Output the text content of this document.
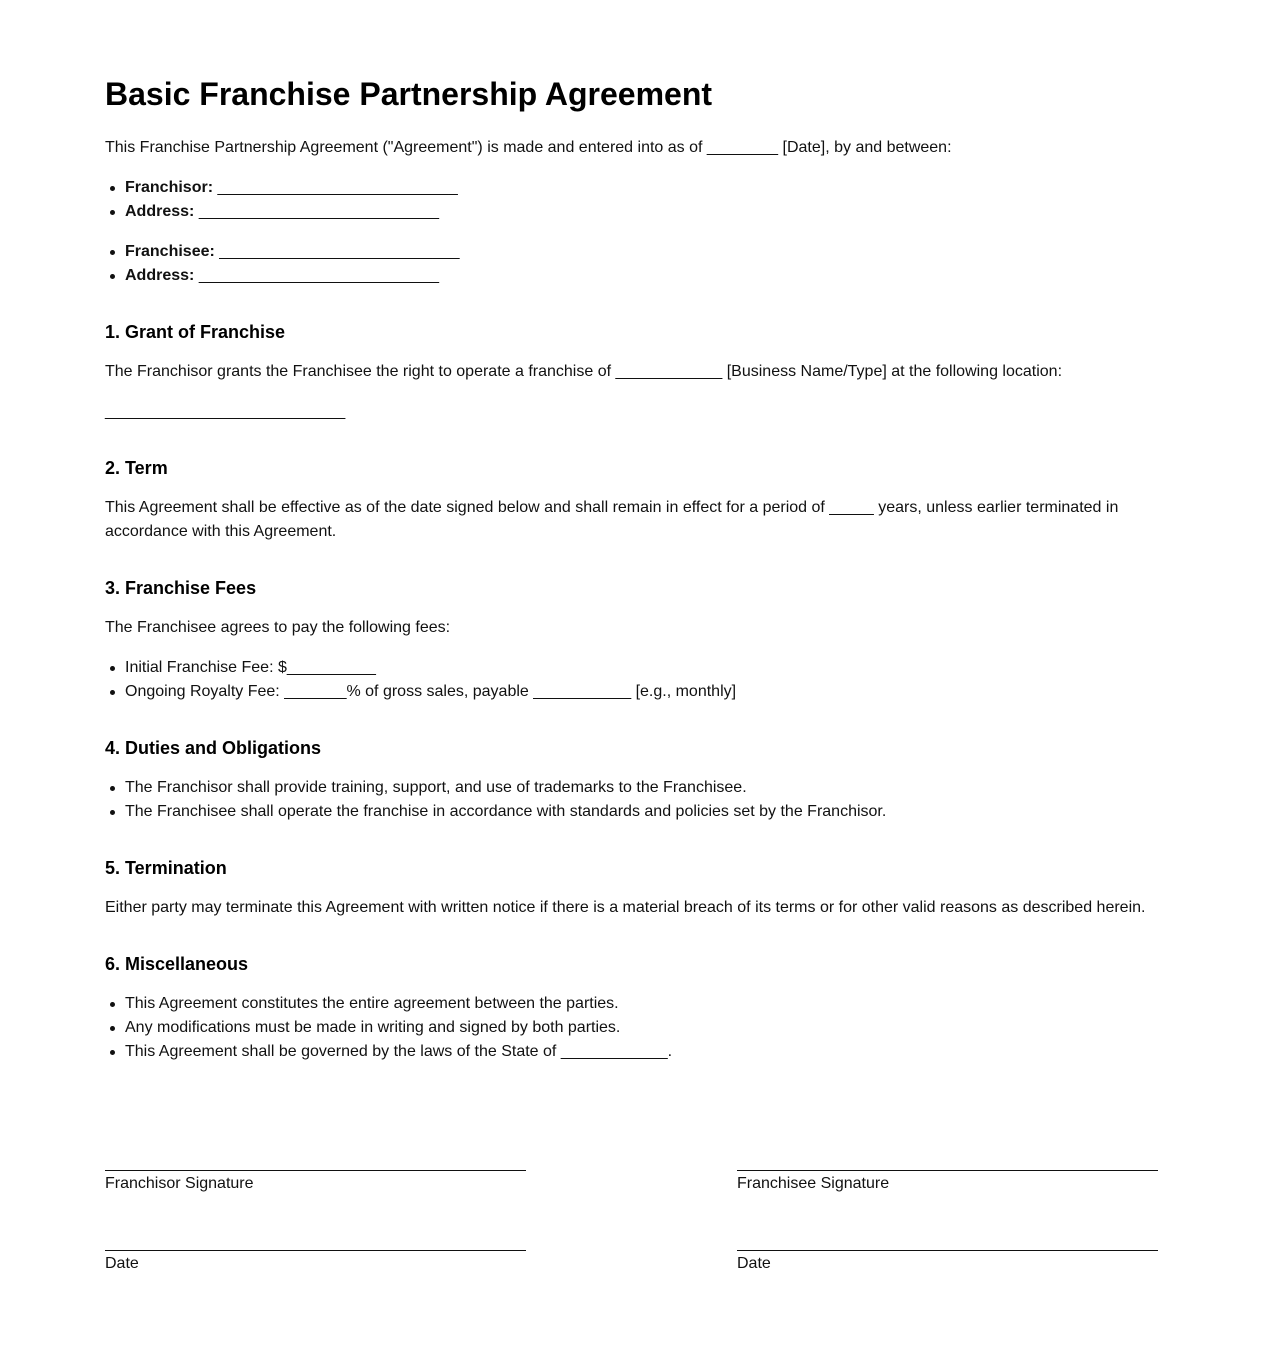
Basic Franchise Partnership Agreement

This Franchise Partnership Agreement ("Agreement") is made and entered into as of ________ [Date], by and between:

Franchisor: ___________________________
Address: ___________________________
Franchisee: ___________________________
Address: ___________________________
1. Grant of Franchise

The Franchisor grants the Franchisee the right to operate a franchise of ____________ [Business Name/Type] at the following location:

___________________________

2. Term

This Agreement shall be effective as of the date signed below and shall remain in effect for a period of _____ years, unless earlier terminated in accordance with this Agreement.

3. Franchise Fees

The Franchisee agrees to pay the following fees:

Initial Franchise Fee: $__________
Ongoing Royalty Fee: _______% of gross sales, payable ___________ [e.g., monthly]
4. Duties and Obligations
The Franchisor shall provide training, support, and use of trademarks to the Franchisee.
The Franchisee shall operate the franchise in accordance with standards and policies set by the Franchisor.
5. Termination

Either party may terminate this Agreement with written notice if there is a material breach of its terms or for other valid reasons as described herein.

6. Miscellaneous
This Agreement constitutes the entire agreement between the parties.
Any modifications must be made in writing and signed by both parties.
This Agreement shall be governed by the laws of the State of ____________.
Franchisor Signature
Date
Franchisee Signature
Date
